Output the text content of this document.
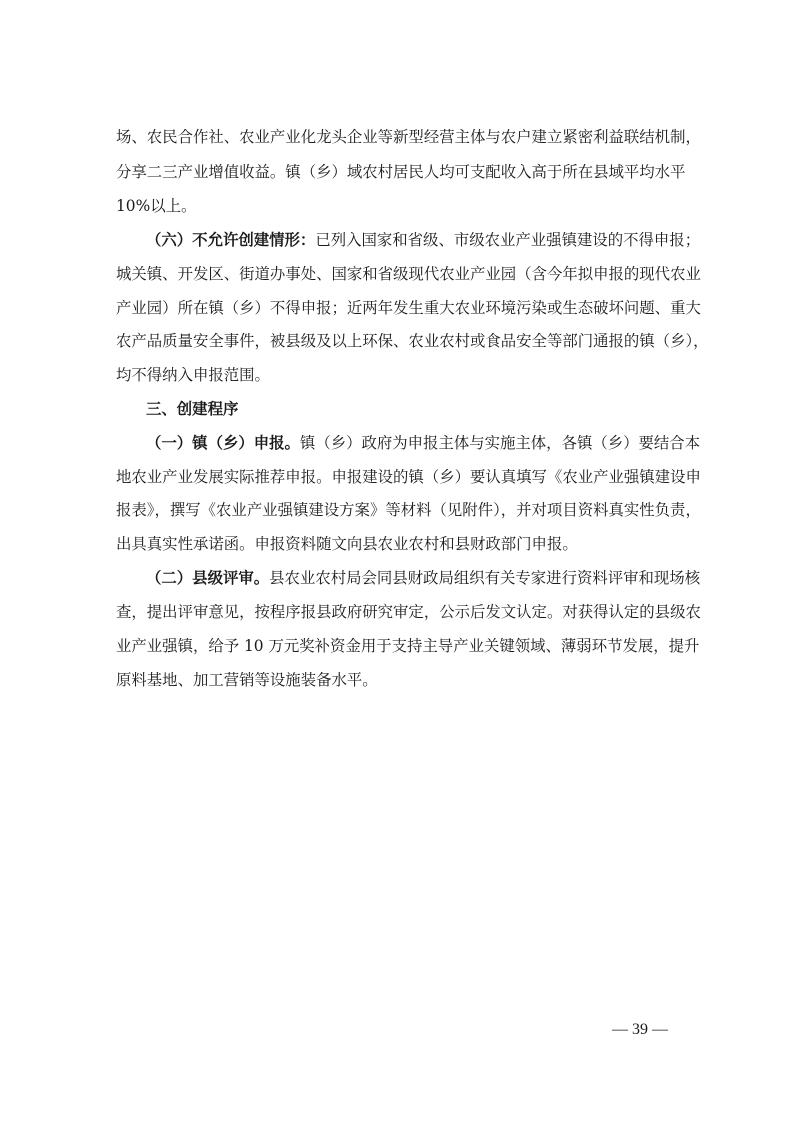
场、农民合作社、农业产业化龙头企业等新型经营主体与农户建立紧密利益联结机制，
分享二三产业增值收益。镇（乡）域农村居民人均可支配收入高于所在县域平均水平
10%以上。
（六）不允许创建情形：已列入国家和省级、市级农业产业强镇建设的不得申报；
城关镇、开发区、街道办事处、国家和省级现代农业产业园（含今年拟申报的现代农业
产业园）所在镇（乡）不得申报；近两年发生重大农业环境污染或生态破坏问题、重大
农产品质量安全事件，被县级及以上环保、农业农村或食品安全等部门通报的镇（乡），
均不得纳入申报范围。
三、创建程序
（一）镇（乡）申报。镇（乡）政府为申报主体与实施主体，各镇（乡）要结合本
地农业产业发展实际推荐申报。申报建设的镇（乡）要认真填写《农业产业强镇建设申
报表》，撰写《农业产业强镇建设方案》等材料（见附件），并对项目资料真实性负责，
出具真实性承诺函。申报资料随文向县农业农村和县财政部门申报。
（二）县级评审。县农业农村局会同县财政局组织有关专家进行资料评审和现场核
查，提出评审意见，按程序报县政府研究审定，公示后发文认定。对获得认定的县级农
业产业强镇，给予 10 万元奖补资金用于支持主导产业关键领域、薄弱环节发展，提升
原料基地、加工营销等设施装备水平。
— 39 —
